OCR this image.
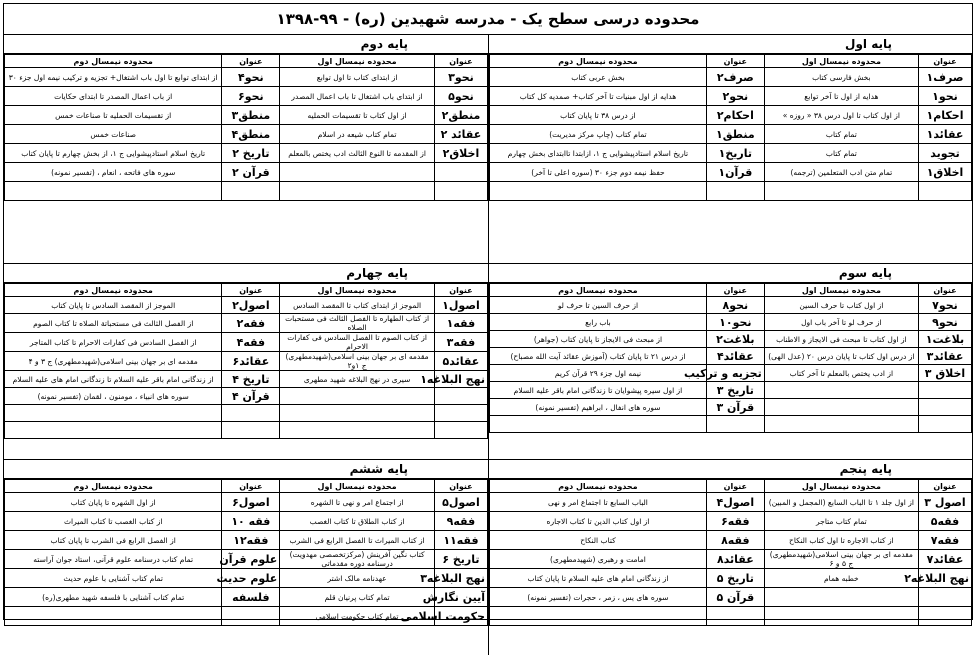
محدوده درسی سطح یک - مدرسه شهیدین (ره) - ۹۹-۱۳۹۸
پایه اول
عنوان	محدوده نیمسال اول	عنوان	محدوده نیمسال دوم
صرف۱	بخش فارسی کتاب	صرف۲	بخش عربی کتاب
نحو۱	هدایه از اول تا آخر توابع	نحو۲	هدایه از اول مبنیات تا آخر کتاب+ صمدیه کل کتاب
احکام۱	از اول کتاب تا اول درس ۳۸ « روزه »	احکام۲	از درس ۳۸ تا پایان کتاب
عقائد۱	تمام کتاب	منطق۱	تمام کتاب (چاپ مرکز مدیریت)
تجوید	تمام کتاب	تاریخ۱	تاریخ اسلام استادپیشوایی ج ۱، ازابتدا تاابتدای بخش چهارم
اخلاق۱	تمام متن ادب المتعلمین (ترجمه)	قرآن۱	حفظ نیمه دوم جزء ۳۰ (سوره اعلی تا آخر)

پایه دوم
عنوان	محدوده نیمسال اول	عنوان	محدوده نیمسال دوم
نحو۳	از ابتدای کتاب تا اول توابع	نحو۴	از ابتدای توابع تا اول باب اشتغال+ تجزیه و ترکیب نیمه اول جزء ۳۰
نحو۵	از ابتدای باب اشتغال تا باب اعمال المصدر	نحو۶	از باب اعمال المصدر تا ابتدای حکایات
منطق۲	از اول کتاب تا تقسیمات الحملیه	منطق۳	از تقسیمات الحملیه تا صناعات خمس
عقائد ۲	تمام کتاب شیعه در اسلام	منطق۴	صناعات خمس
اخلاق۲	از المقدمه تا النوع الثالث ادب یختص بالمعلم	تاریخ ۲	تاریخ اسلام استادپیشوایی ج ۱، از بخش چهارم تا پایان کتاب
		قرآن ۲	سوره های فاتحه ، انعام ، (تفسیر نمونه)

پایه سوم
عنوان	محدوده نیمسال اول	عنوان	محدوده نیمسال دوم
نحو۷	از اول کتاب تا حرف السین	نحو۸	از حرف السین تا حرف لو
نحو۹	از حرف لو تا آخر باب اول	نحو۱۰	باب رابع
بلاغت۱	از اول کتاب تا مبحث فی الایجاز و الاطناب	بلاغت۲	از مبحث فی الایجاز تا پایان کتاب (جواهر)
عقائد۳	از درس اول کتاب تا پایان درس ۲۰ (عدل الهی)	عقائد۴	از درس ۲۱ تا پایان کتاب (آموزش عقائد آیت الله مصباح)
اخلاق ۳	از ادب یختص بالمعلم تا آخر کتاب	تجزیه و ترکیب	نیمه اول جزء ۲۹ قرآن کریم
		تاریخ ۳	از اول سیره پیشوایان تا زندگانی امام باقر علیه السلام
		قرآن ۳	سوره های انفال ، ابراهیم (تفسیر نمونه)

پایه چهارم
عنوان	محدوده نیمسال اول	عنوان	محدوده نیمسال دوم
اصول۱	الموجز از ابتدای کتاب تا المقصد السادس	اصول۲	الموجز از المقصد السادس تا پایان کتاب
فقه۱	از کتاب الطهاره تا الفصل الثالث فی مستحبات الصلاه	فقه۲	از الفصل الثالث فی مستحباتة الصلاه تا کتاب الصوم
فقه۳	از کتاب الصوم تا الفصل السادس فی کفارات الاحرام	فقه۴	از الفصل السادس فی کفارات الاحرام تا کتاب المتاجر
عقائد۵	مقدمه ای بر جهان بینی اسلامی(شهیدمطهری) ج ۱و۲	عقائد۶	مقدمه ای بر جهان بینی اسلامی(شهیدمطهری) ج ۳ و ۴
نهج البلاغه۱	سیری در نهج البلاغه شهید مطهری	تاریخ ۴	از زندگانی امام باقر علیه السلام تا زندگانی امام های علیه السلام
		قرآن ۴	سوره های انبیاء ، مومنون ، لقمان (تفسیر نمونه)

پایه پنجم
عنوان	محدوده نیمسال اول	عنوان	محدوده نیمسال دوم
اصول ۳	از اول جلد ۱ تا الباب السابع (المجمل و المبین)	اصول۴	الباب السابع تا اجتماع امر و نهی
فقه۵	تمام کتاب متاجر	فقه۶	از اول کتاب الدین تا کتاب الاجاره
فقه۷	از کتاب الاجاره تا اول کتاب النکاح	فقه۸	کتاب النکاح
عقائد۷	مقدمه ای بر جهان بینی اسلامی(شهیدمطهری) ج ۵ و ۶	عقائد۸	امامت و رهبری (شهیدمطهری)
نهج البلاغه۲	خطبه همام	تاریخ ۵	از زندگانی امام های علیه السلام تا پایان کتاب
		قرآن ۵	سوره های یس ، زمر ، حجرات (تفسیر نمونه)

پایه ششم
عنوان	محدوده نیمسال اول	عنوان	محدوده نیمسال دوم
اصول۵	از اجتماع امر و نهی تا الشهره	اصول۶	از اول الشهره تا پایان کتاب
فقه۹	از کتاب الطلاق تا کتاب الغصب	فقه ۱۰	از کتاب الغصب تا کتاب المیراث
فقه۱۱	از کتاب المیراث تا الفصل الرابع فی الشرب	فقه۱۲	از الفصل الرابع فی الشرب تا پایان کتاب
تاریخ ۶	کتاب نگین آفرینش (مرکزتخصصی مهدویت) درسنامه دوره مقدماتی	علوم قرآن	تمام کتاب درسنامه علوم قرآنی، استاد جوان آراسته
نهج البلاغه۳	عهدنامه مالک اشتر	علوم حدیث	تمام کتاب آشنایی با علوم حدیث
آیین نگارش	تمام کتاب پرنیان قلم	فلسفه	تمام کتاب آشنایی با فلسفه شهید مطهری(ره)
حکومت اسلامی	تمام کتاب حکومت اسلامی		
